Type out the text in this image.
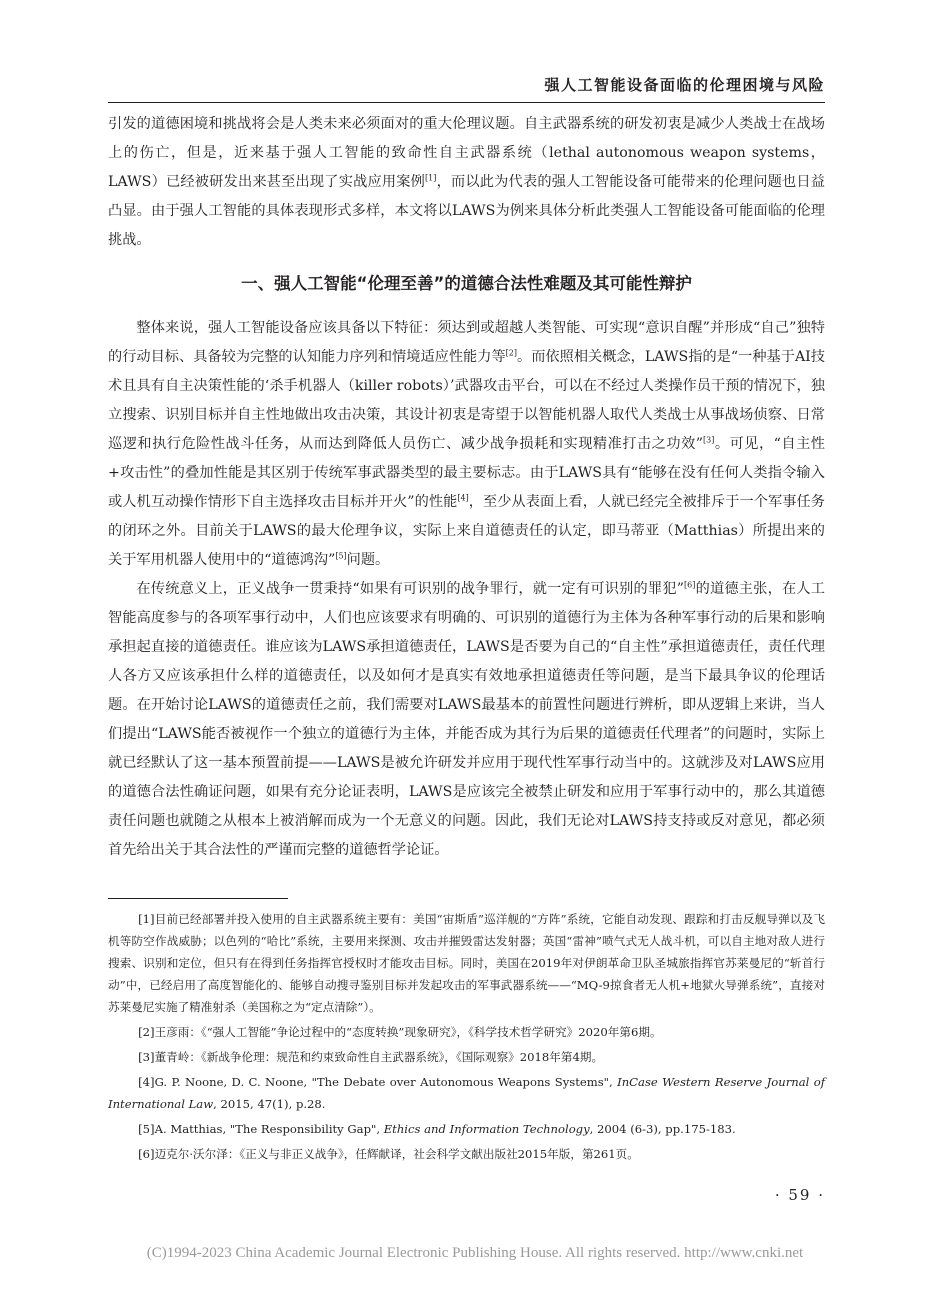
强人工智能设备面临的伦理困境与风险

引发的道德困境和挑战将会是人类未来必须面对的重大伦理议题。自主武器系统的研发初衷是减少人类战士在战场上的伤亡，但是，近来基于强人工智能的致命性自主武器系统（lethal autonomous weapon systems，LAWS）已经被研发出来甚至出现了实战应用案例[1]，而以此为代表的强人工智能设备可能带来的伦理问题也日益凸显。由于强人工智能的具体表现形式多样，本文将以LAWS为例来具体分析此类强人工智能设备可能面临的伦理挑战。

一、强人工智能“伦理至善”的道德合法性难题及其可能性辩护

整体来说，强人工智能设备应该具备以下特征：须达到或超越人类智能、可实现“意识自醒”并形成“自己”独特的行动目标、具备较为完整的认知能力序列和情境适应性能力等[2]。而依照相关概念，LAWS指的是“一种基于AI技术且具有自主决策性能的‘杀手机器人（killer robots）’武器攻击平台，可以在不经过人类操作员干预的情况下，独立搜索、识别目标并自主性地做出攻击决策，其设计初衷是寄望于以智能机器人取代人类战士从事战场侦察、日常巡逻和执行危险性战斗任务，从而达到降低人员伤亡、减少战争损耗和实现精准打击之功效”[3]。可见，“自主性+攻击性”的叠加性能是其区别于传统军事武器类型的最主要标志。由于LAWS具有“能够在没有任何人类指令输入或人机互动操作情形下自主选择攻击目标并开火”的性能[4]，至少从表面上看，人就已经完全被排斥于一个军事任务的闭环之外。目前关于LAWS的最大伦理争议，实际上来自道德责任的认定，即马蒂亚（Matthias）所提出来的关于军用机器人使用中的“道德鸿沟”[5]问题。

在传统意义上，正义战争一贯秉持“如果有可识别的战争罪行，就一定有可识别的罪犯”[6]的道德主张，在人工智能高度参与的各项军事行动中，人们也应该要求有明确的、可识别的道德行为主体为各种军事行动的后果和影响承担起直接的道德责任。谁应该为LAWS承担道德责任，LAWS是否要为自己的“自主性”承担道德责任，责任代理人各方又应该承担什么样的道德责任，以及如何才是真实有效地承担道德责任等问题，是当下最具争议的伦理话题。在开始讨论LAWS的道德责任之前，我们需要对LAWS最基本的前置性问题进行辨析，即从逻辑上来讲，当人们提出“LAWS能否被视作一个独立的道德行为主体，并能否成为其行为后果的道德责任代理者”的问题时，实际上就已经默认了这一基本预置前提——LAWS是被允许研发并应用于现代性军事行动当中的。这就涉及对LAWS应用的道德合法性确证问题，如果有充分论证表明，LAWS是应该完全被禁止研发和应用于军事行动中的，那么其道德责任问题也就随之从根本上被消解而成为一个无意义的问题。因此，我们无论对LAWS持支持或反对意见，都必须首先给出关于其合法性的严谨而完整的道德哲学论证。

[1]目前已经部署并投入使用的自主武器系统主要有：美国“宙斯盾”巡洋舰的“方阵”系统，它能自动发现、跟踪和打击反舰导弹以及飞机等防空作战威胁；以色列的“哈比”系统，主要用来探测、攻击并摧毁雷达发射器；英国“雷神”喷气式无人战斗机，可以自主地对敌人进行搜索、识别和定位，但只有在得到任务指挥官授权时才能攻击目标。同时，美国在2019年对伊朗革命卫队圣城旅指挥官苏莱曼尼的“斩首行动”中，已经启用了高度智能化的、能够自动搜寻鉴别目标并发起攻击的军事武器系统——“MQ-9掠食者无人机+地狱火导弹系统”，直接对苏莱曼尼实施了精准射杀（美国称之为“定点清除”）。

[2]王彦雨：《“强人工智能”争论过程中的“态度转换”现象研究》，《科学技术哲学研究》2020年第6期。

[3]董青岭：《新战争伦理：规范和约束致命性自主武器系统》，《国际观察》2018年第4期。

[4]G. P. Noone, D. C. Noone, "The Debate over Autonomous Weapons Systems", InCase Western Reserve Journal of International Law, 2015, 47(1), p.28.

[5]A. Matthias, "The Responsibility Gap", Ethics and Information Technology, 2004 (6-3), pp.175-183.

[6]迈克尔·沃尔泽：《正义与非正义战争》，任辉献译，社会科学文献出版社2015年版，第261页。

· 59 ·
(C)1994-2023 China Academic Journal Electronic Publishing House. All rights reserved. http://www.cnki.net
